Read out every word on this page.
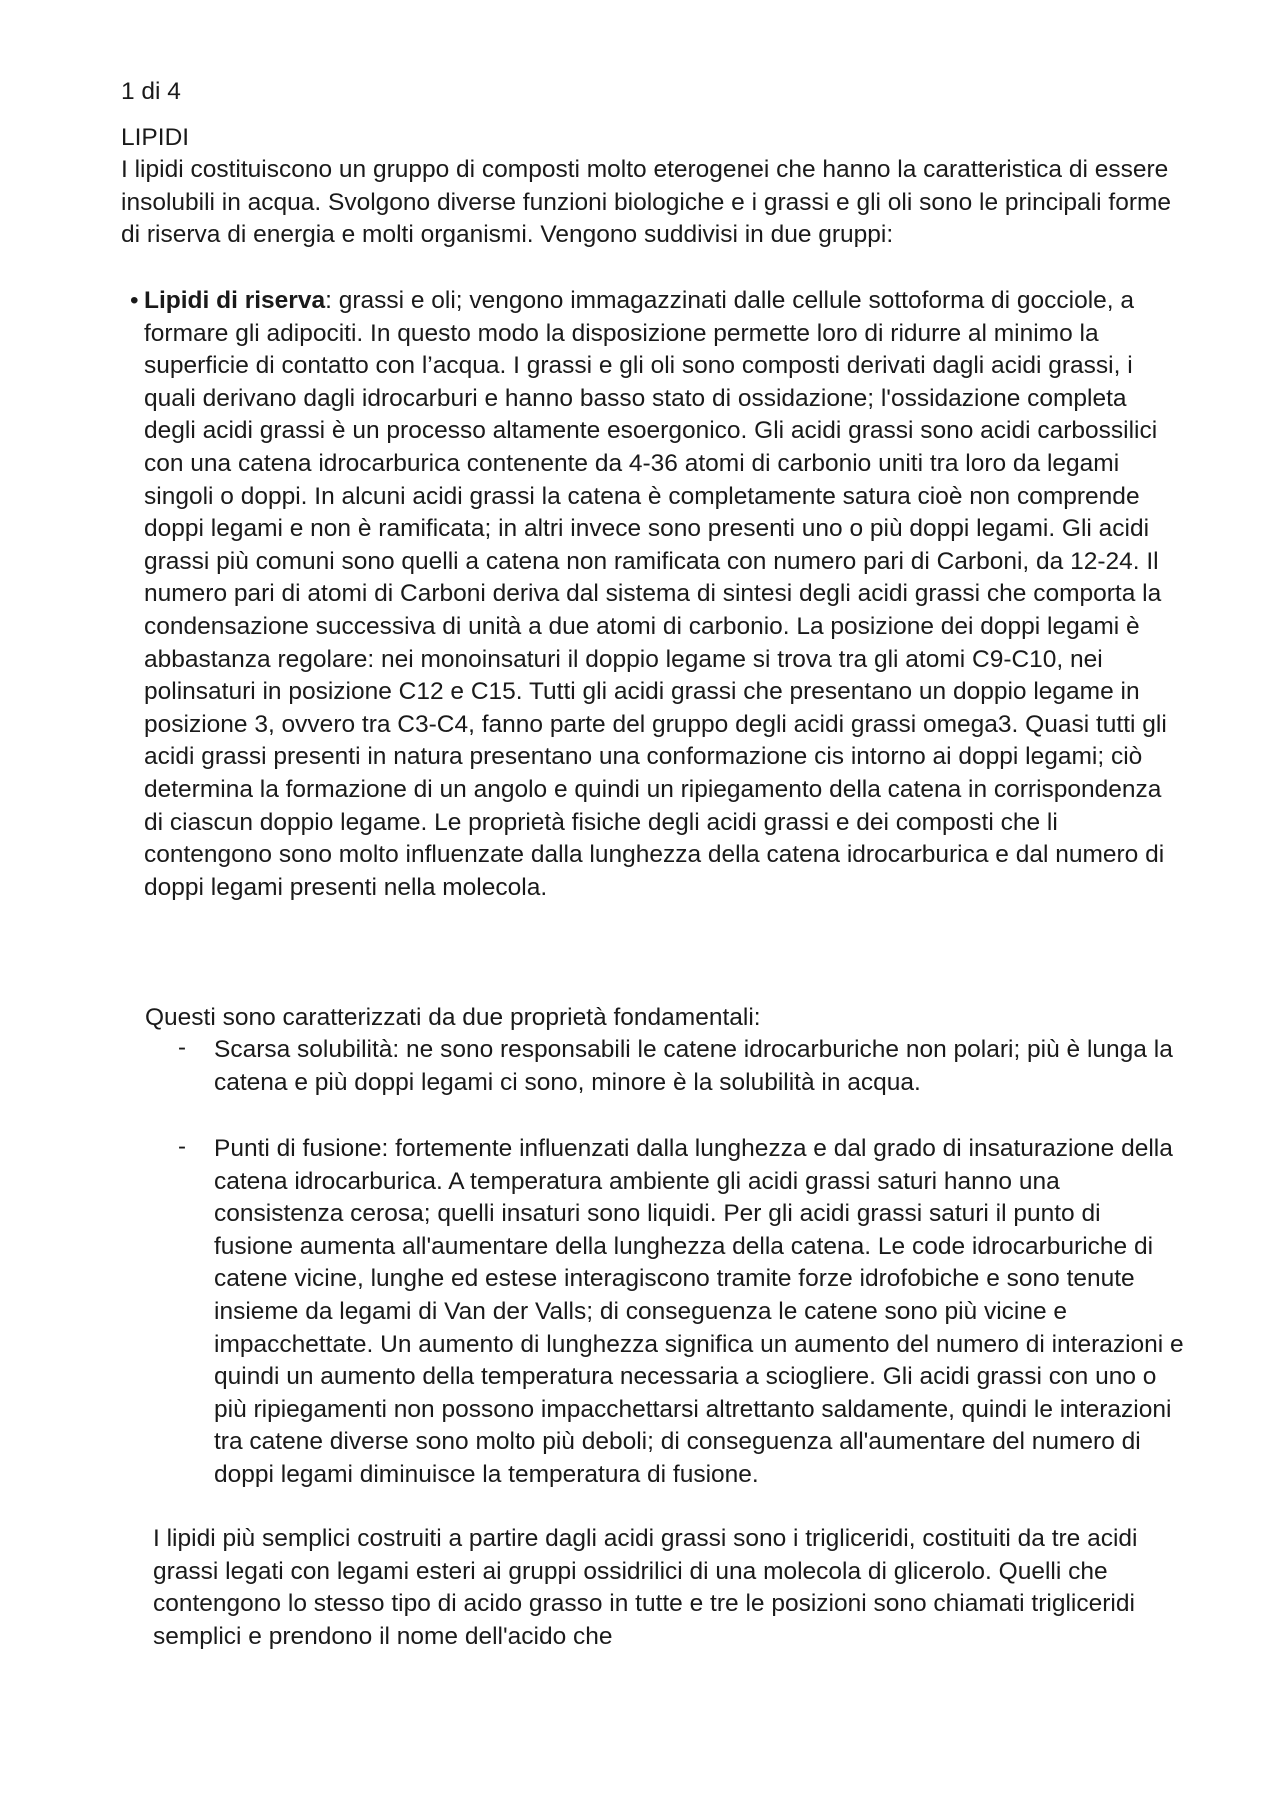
1 di 4
LIPIDI

I lipidi costituiscono un gruppo di composti molto eterogenei che hanno la caratteristica di essere insolubili in acqua. Svolgono diverse funzioni biologiche e i grassi e gli oli sono le principali forme di riserva di energia e molti organismi. Vengono suddivisi in due gruppi:

• Lipidi di riserva: grassi e oli; vengono immagazzinati dalle cellule sottoforma di gocciole, a formare gli adipociti. In questo modo la disposizione permette loro di ridurre al minimo la superficie di contatto con l’acqua. I grassi e gli oli sono composti derivati dagli acidi grassi, i quali derivano dagli idrocarburi e hanno basso stato di ossidazione; l'ossidazione completa degli acidi grassi è un processo altamente esoergonico. Gli acidi grassi sono acidi carbossilici con una catena idrocarburica contenente da 4-36 atomi di carbonio uniti tra loro da legami singoli o doppi. In alcuni acidi grassi la catena è completamente satura cioè non comprende doppi legami e non è ramificata; in altri invece sono presenti uno o più doppi legami. Gli acidi grassi più comuni sono quelli a catena non ramificata con numero pari di Carboni, da 12-24. Il numero pari di atomi di Carboni deriva dal sistema di sintesi degli acidi grassi che comporta la condensazione successiva di unità a due atomi di carbonio. La posizione dei doppi legami è abbastanza regolare: nei monoinsaturi il doppio legame si trova tra gli atomi C9-C10, nei polinsaturi in posizione C12 e C15. Tutti gli acidi grassi che presentano un doppio legame in posizione 3, ovvero tra C3-C4, fanno parte del gruppo degli acidi grassi omega3. Quasi tutti gli acidi grassi presenti in natura presentano una conformazione cis intorno ai doppi legami; ciò determina la formazione di un angolo e quindi un ripiegamento della catena in corrispondenza di ciascun doppio legame. Le proprietà fisiche degli acidi grassi e dei composti che li contengono sono molto influenzate dalla lunghezza della catena idrocarburica e dal numero di doppi legami presenti nella molecola.

Questi sono caratterizzati da due proprietà fondamentali:

- Scarsa solubilità: ne sono responsabili le catene idrocarburiche non polari; più è lunga la catena e più doppi legami ci sono, minore è la solubilità in acqua.

- Punti di fusione: fortemente influenzati dalla lunghezza e dal grado di insaturazione della catena idrocarburica. A temperatura ambiente gli acidi grassi saturi hanno una consistenza cerosa; quelli insaturi sono liquidi. Per gli acidi grassi saturi il punto di fusione aumenta all'aumentare della lunghezza della catena. Le code idrocarburiche di catene vicine, lunghe ed estese interagiscono tramite forze idrofobiche e sono tenute insieme da legami di Van der Valls; di conseguenza le catene sono più vicine e impacchettate. Un aumento di lunghezza significa un aumento del numero di interazioni e quindi un aumento della temperatura necessaria a sciogliere. Gli acidi grassi con uno o più ripiegamenti non possono impacchettarsi altrettanto saldamente, quindi le interazioni tra catene diverse sono molto più deboli; di conseguenza all'aumentare del numero di doppi legami diminuisce la temperatura di fusione.

I lipidi più semplici costruiti a partire dagli acidi grassi sono i trigliceridi, costituiti da tre acidi grassi legati con legami esteri ai gruppi ossidrilici di una molecola di glicerolo. Quelli che contengono lo stesso tipo di acido grasso in tutte e tre le posizioni sono chiamati trigliceridi semplici e prendono il nome dell'acido che
